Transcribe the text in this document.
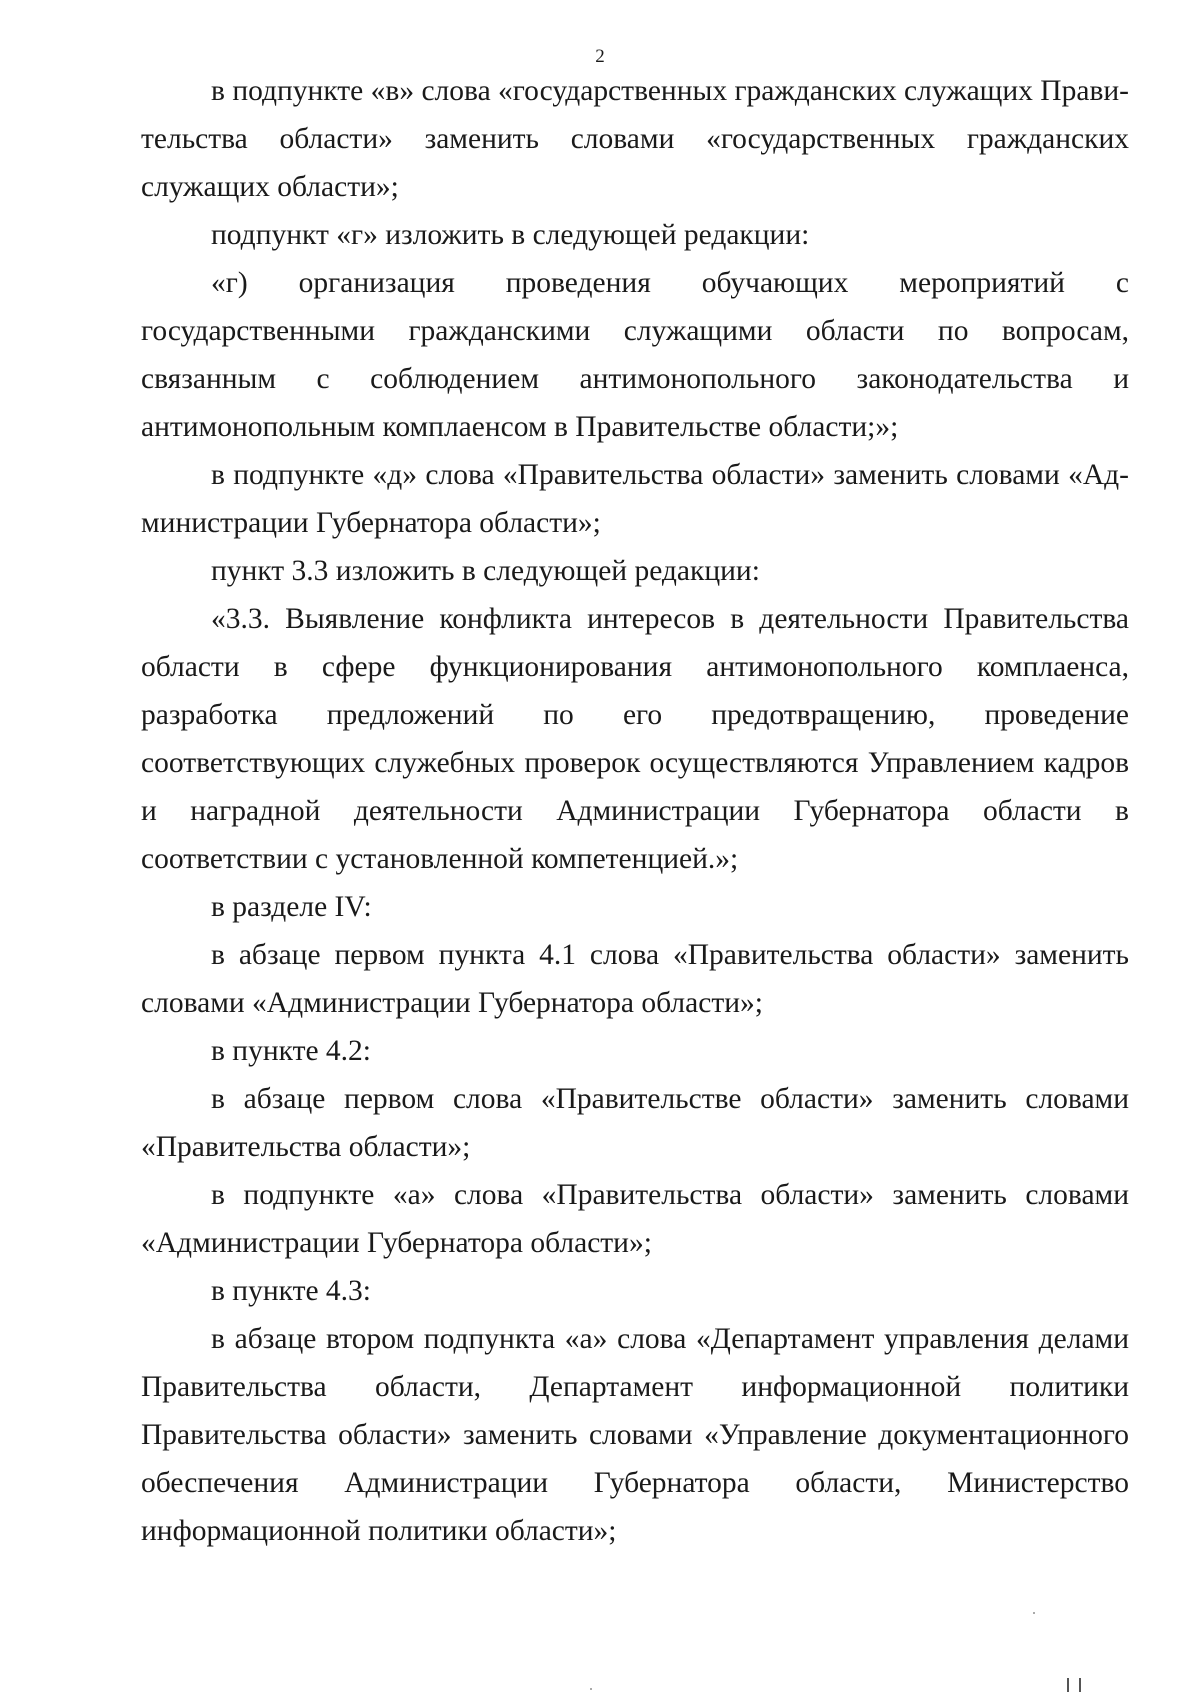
2

в подпункте «в» слова «государственных гражданских служащих Правительства области» заменить словами «государственных гражданских служащих области»;

подпункт «г» изложить в следующей редакции:

«г) организация проведения обучающих мероприятий с государственными гражданскими служащими области по вопросам, связанным с соблюдением антимонопольного законодательства и антимонопольным комплаенсом в Правительстве области;»;

в подпункте «д» слова «Правительства области» заменить словами «Администрации Губернатора области»;

пункт 3.3 изложить в следующей редакции:

«3.3. Выявление конфликта интересов в деятельности Правительства области в сфере функционирования антимонопольного комплаенса, разработка предложений по его предотвращению, проведение соответствующих служебных проверок осуществляются Управлением кадров и наградной деятельности Администрации Губернатора области в соответствии с установленной компетенцией.»;

в разделе IV:

в абзаце первом пункта 4.1 слова «Правительства области» заменить словами «Администрации Губернатора области»;

в пункте 4.2:

в абзаце первом слова «Правительстве области» заменить словами «Правительства области»;

в подпункте «а» слова «Правительства области» заменить словами «Администрации Губернатора области»;

в пункте 4.3:

в абзаце втором подпункта «а» слова «Департамент управления делами Правительства области, Департамент информационной политики Правительства области» заменить словами «Управление документационного обеспечения Администрации Губернатора области, Министерство информационной политики области»;
